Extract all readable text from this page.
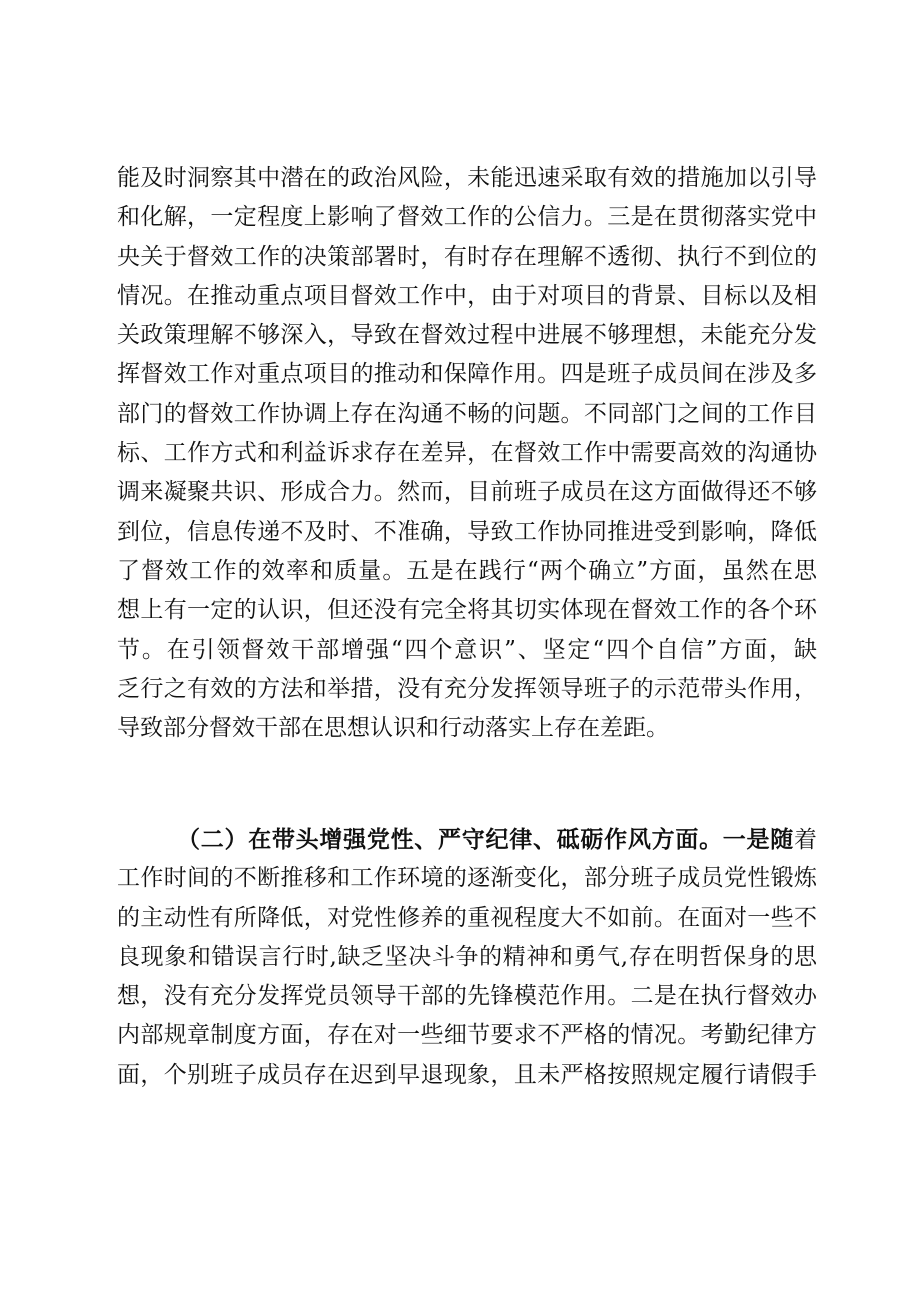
能及时洞察其中潜在的政治风险，未能迅速采取有效的措施加以引导
和化解，一定程度上影响了督效工作的公信力。三是在贯彻落实党中
央关于督效工作的决策部署时，有时存在理解不透彻、执行不到位的
情况。在推动重点项目督效工作中，由于对项目的背景、目标以及相
关政策理解不够深入，导致在督效过程中进展不够理想，未能充分发
挥督效工作对重点项目的推动和保障作用。四是班子成员间在涉及多
部门的督效工作协调上存在沟通不畅的问题。不同部门之间的工作目
标、工作方式和利益诉求存在差异，在督效工作中需要高效的沟通协
调来凝聚共识、形成合力。然而，目前班子成员在这方面做得还不够
到位，信息传递不及时、不准确，导致工作协同推进受到影响，降低
了督效工作的效率和质量。五是在践行“两个确立”方面，虽然在思
想上有一定的认识，但还没有完全将其切实体现在督效工作的各个环
节。在引领督效干部增强“四个意识”、坚定“四个自信”方面，缺
乏行之有效的方法和举措，没有充分发挥领导班子的示范带头作用，
导致部分督效干部在思想认识和行动落实上存在差距。
（二）在带头增强党性、严守纪律、砥砺作风方面。一是随着
工作时间的不断推移和工作环境的逐渐变化，部分班子成员党性锻炼
的主动性有所降低，对党性修养的重视程度大不如前。在面对一些不
良现象和错误言行时,缺乏坚决斗争的精神和勇气,存在明哲保身的思
想，没有充分发挥党员领导干部的先锋模范作用。二是在执行督效办
内部规章制度方面，存在对一些细节要求不严格的情况。考勤纪律方
面，个别班子成员存在迟到早退现象，且未严格按照规定履行请假手
